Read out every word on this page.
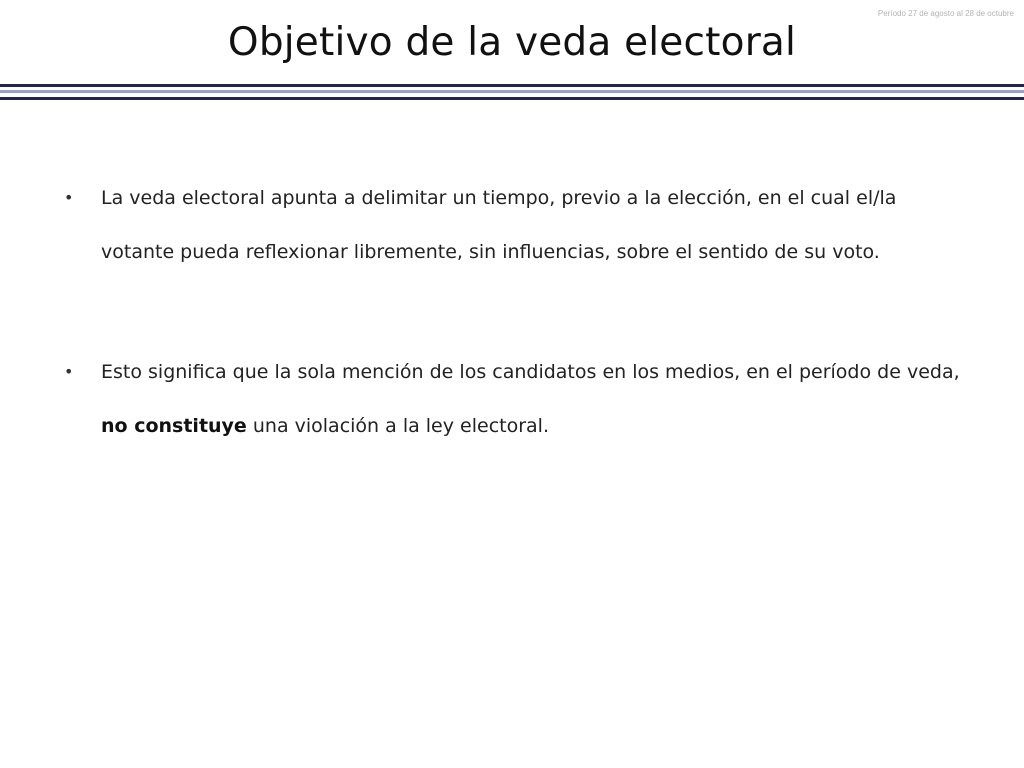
Período 27 de agosto al 28 de octubre
Objetivo de la veda electoral
•	La veda electoral apunta a delimitar un tiempo, previo a la elección, en el cual el/la votante pueda reflexionar libremente, sin influencias, sobre el sentido de su voto.
•	Esto significa que la sola mención de los candidatos en los medios, en el período de veda, no constituye una violación a la ley electoral.
